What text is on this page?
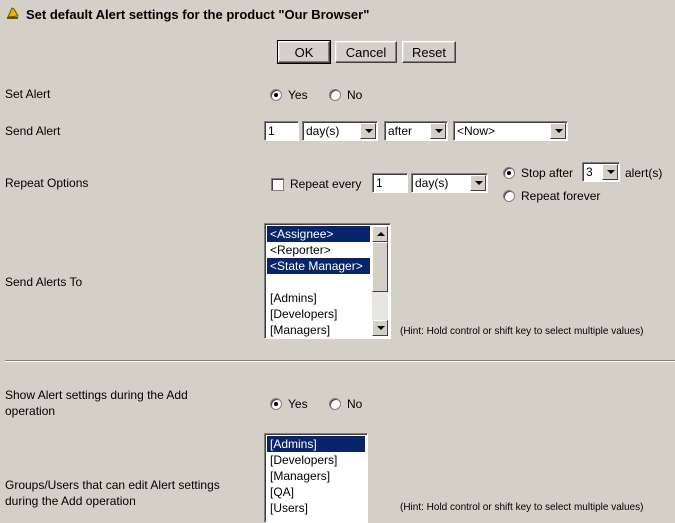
Set default Alert settings for the product "Our Browser"
OK	Cancel	Reset
Set Alert	Yes	No
Send Alert	1	day(s)	after	<Now>
Repeat Options	Repeat every	1	day(s)
Stop after	3	alert(s)
Repeat forever
Send Alerts To
<Assignee>
<Reporter>
<State Manager>
[Admins]
[Developers]
[Managers]	(Hint: Hold control or shift key to select multiple values)
Show Alert settings during the Add
operation	Yes	No
Groups/Users that can edit Alert settings
during the Add operation
[Admins]
[Developers]
[Managers]
[QA]
[Users]	(Hint: Hold control or shift key to select multiple values)
